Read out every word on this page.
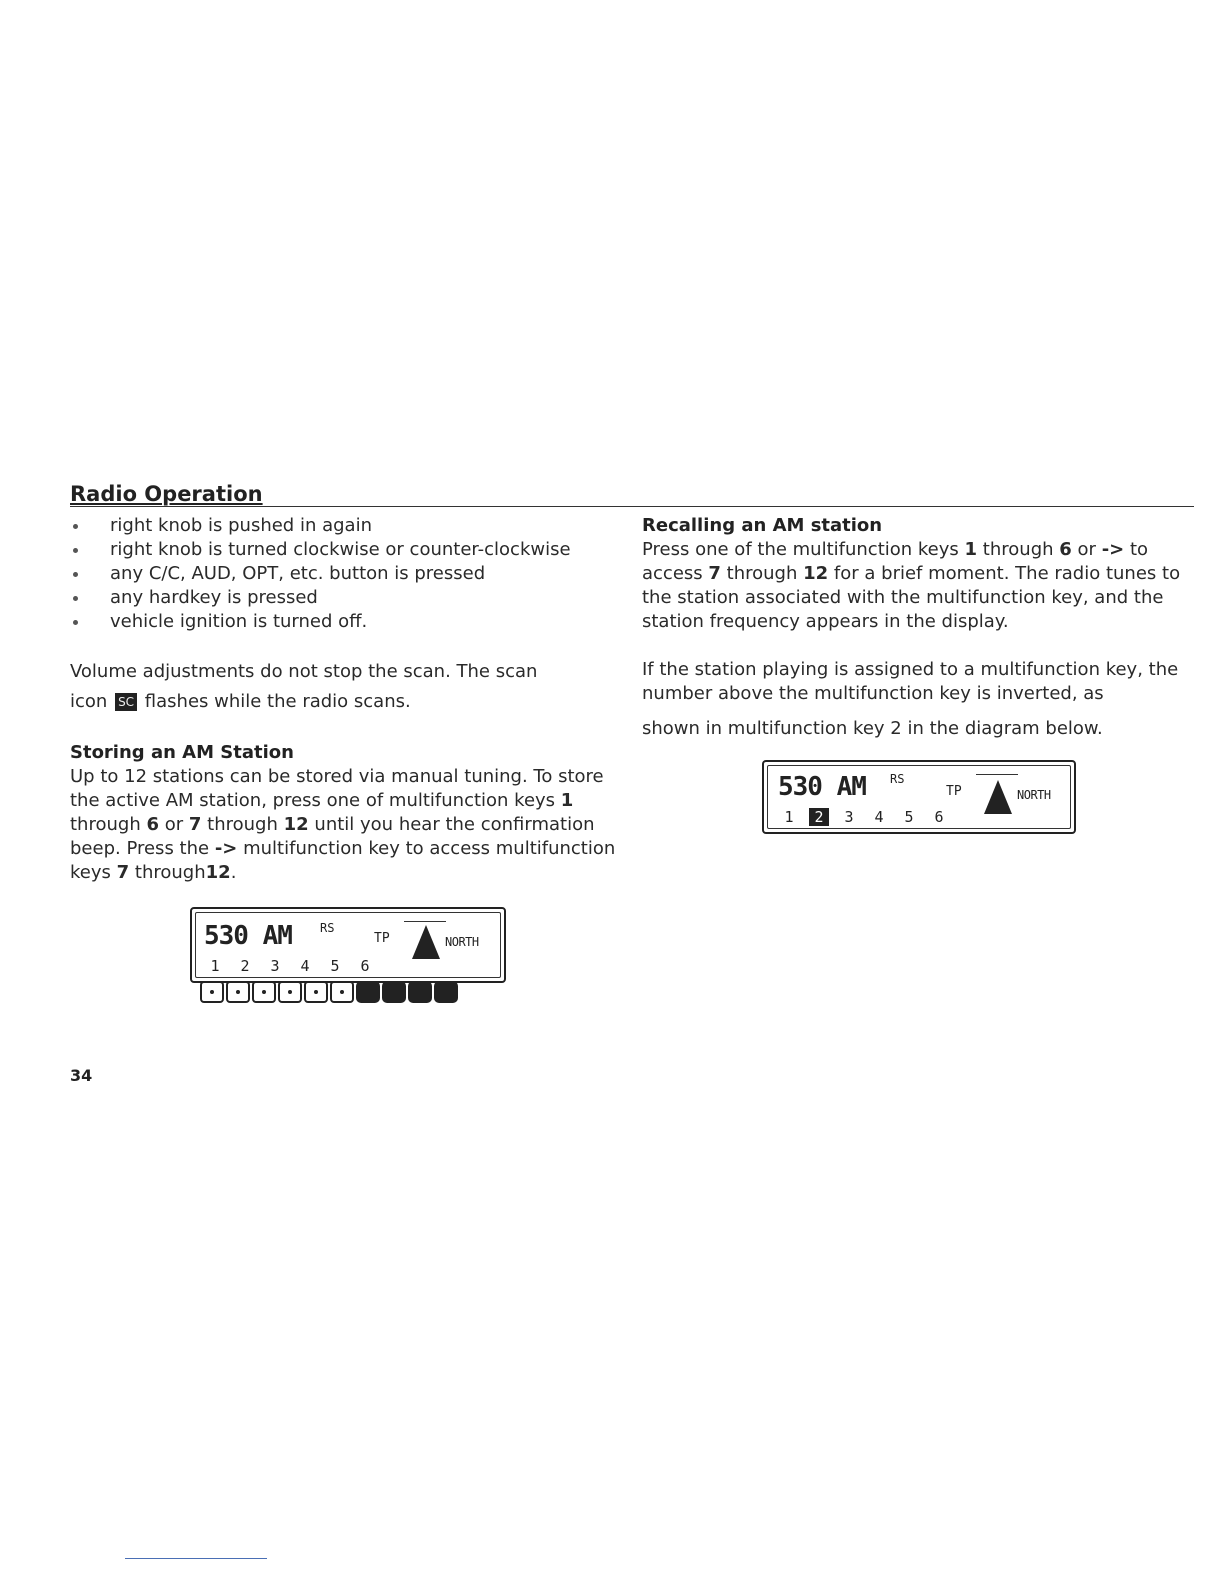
Radio Operation
right knob is pushed in again
right knob is turned clockwise or counter-clockwise
any C/C, AUD, OPT, etc. button is pressed
any hardkey is pressed
vehicle ignition is turned off.

Volume adjustments do not stop the scan. The scan
icon SC flashes while the radio scans.

Storing an AM Station

Up to 12 stations can be stored via manual tuning. To store the active AM station, press one of multifunction keys 1 through 6 or 7 through 12 until you hear the confirmation beep. Press the -> multifunction key to access multifunction keys 7 through12.

Recalling an AM station

Press one of the multifunction keys 1 through 6 or -> to access 7 through 12 for a brief moment. The radio tunes to the station associated with the multifunction key, and the station frequency appears in the display.

If the station playing is assigned to a multifunction key, the number above the multifunction key is inverted, as

shown in multifunction key 2 in the diagram below.

530 AM RS
TP	NORTH
1 2 3 4 5 6
530 AM RS
TP	NORTH
1 2 3 4 5 6
34
